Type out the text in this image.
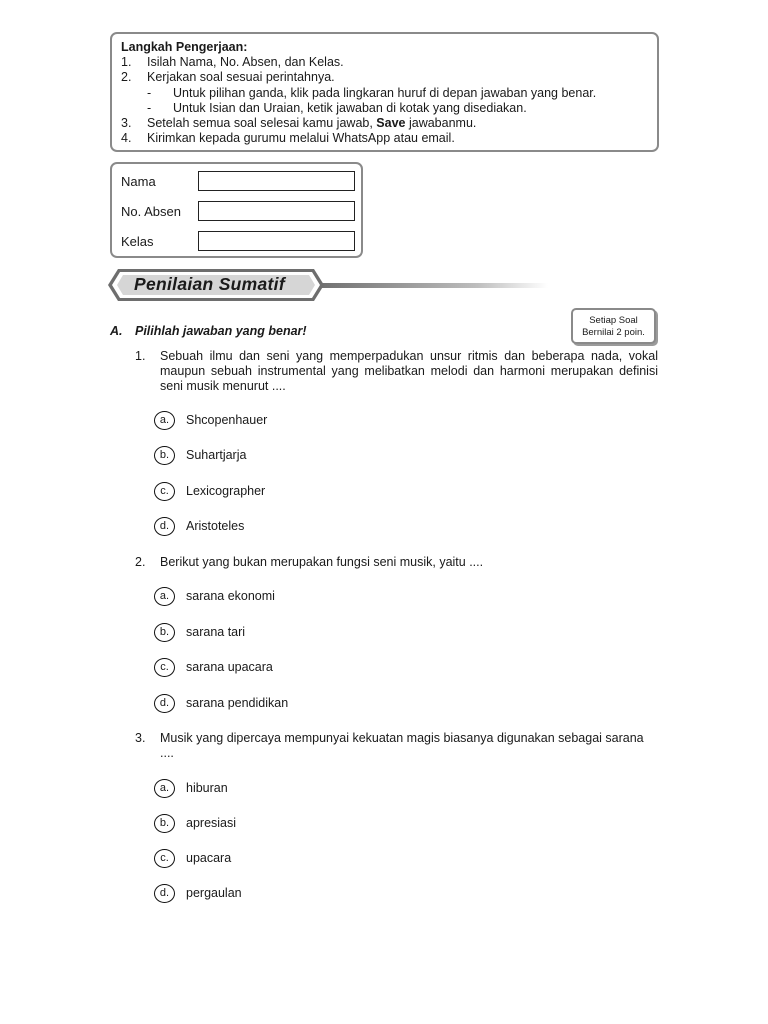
Langkah Pengerjaan:
1.	Isilah Nama, No. Absen, dan Kelas.
2.	Kerjakan soal sesuai perintahnya.
-	Untuk pilihan ganda, klik pada lingkaran huruf di depan jawaban yang benar.
-	Untuk Isian dan Uraian, ketik jawaban di kotak yang disediakan.
3.	Setelah semua soal selesai kamu jawab, Save jawabanmu.
4.	Kirimkan kepada gurumu melalui WhatsApp atau email.
Nama
No. Absen
Kelas
Penilaian Sumatif
A.	Pilihlah jawaban yang benar!
Setiap Soal
Bernilai 2 poin.
1.	Sebuah ilmu dan seni yang memperpadukan unsur ritmis dan beberapa nada, vokal maupun sebuah instrumental yang melibatkan melodi dan harmoni merupakan definisi seni musik menurut ....
a.	Shcopenhauer
b.	Suhartjarja
c.	Lexicographer
d.	Aristoteles
2.	Berikut yang bukan merupakan fungsi seni musik, yaitu ....
a.	sarana ekonomi
b.	sarana tari
c.	sarana upacara
d.	sarana pendidikan
3.	Musik yang dipercaya mempunyai kekuatan magis biasanya digunakan sebagai sarana ....
a.	hiburan
b.	apresiasi
c.	upacara
d.	pergaulan
